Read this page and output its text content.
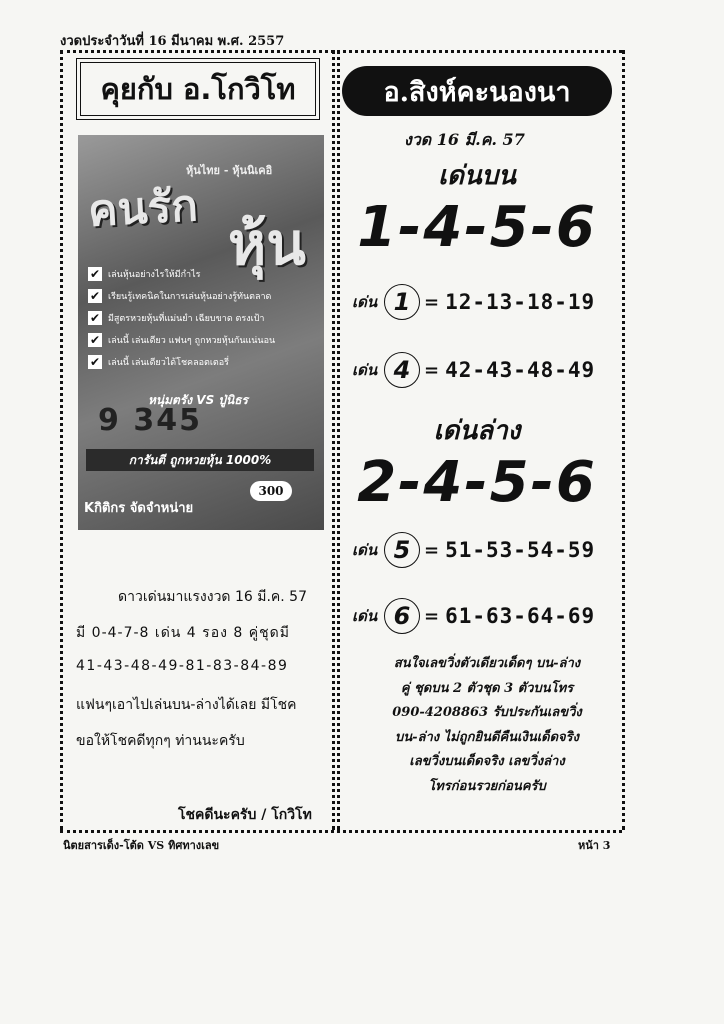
งวดประจำวันที่ 16 มีนาคม พ.ศ. 2557
คุยกับ อ.โกวิโท
หุ้นไทย - หุ้นนิเคอิ
คนรัก
หุ้น
✔ เล่นหุ้นอย่างไรให้มีกำไร
✔ เรียนรู้เทคนิคในการเล่นหุ้นอย่างรู้ทันตลาด
✔ มีสูตรหวยหุ้นที่แม่นยำ เฉียบขาด ตรงเป้า
✔ เล่นนี้ เล่นเดียว แฟนๆ ถูกหวยหุ้นกันแน่นอน
✔ เล่นนี้ เล่นเดียวได้โชคลอตเตอรี่
หนุ่มตรัง VS ปู่นิธร
9 345
การันตี ถูกหวยหุ้น 1000%
300
Kกิติกร จัดจำหน่าย
ดาวเด่นมาแรงงวด 16 มี.ค. 57
มี 0-4-7-8 เด่น 4 รอง 8 คู่ชุดมี
41-43-48-49-81-83-84-89
แฟนๆเอาไปเล่นบน-ล่างได้เลย มีโชค
ขอให้โชคดีทุกๆ ท่านนะครับ
โชคดีนะครับ / โกวิโท
อ.สิงห์คะนองนา
งวด 16 มี.ค. 57
เด่นบน
1-4-5-6
เด่น 1 = 12-13-18-19
เด่น 4 = 42-43-48-49
เด่นล่าง
2-4-5-6
เด่น 5 = 51-53-54-59
เด่น 6 = 61-63-64-69
สนใจเลขวิ่งตัวเดียวเด็ดๆ บน-ล่าง
คู่ ชุดบน 2 ตัวชุด 3 ตัวบนโทร
090-4208863 รับประกันเลขวิ่ง
บน-ล่าง ไม่ถูกยินดีคืนเงินเด็ดจริง
เลขวิ่งบนเด็ดจริง เลขวิ่งล่าง
โทรก่อนรวยก่อนครับ
นิตยสารเด็ง-โต้ด VS ทิศทางเลข	หน้า 3
